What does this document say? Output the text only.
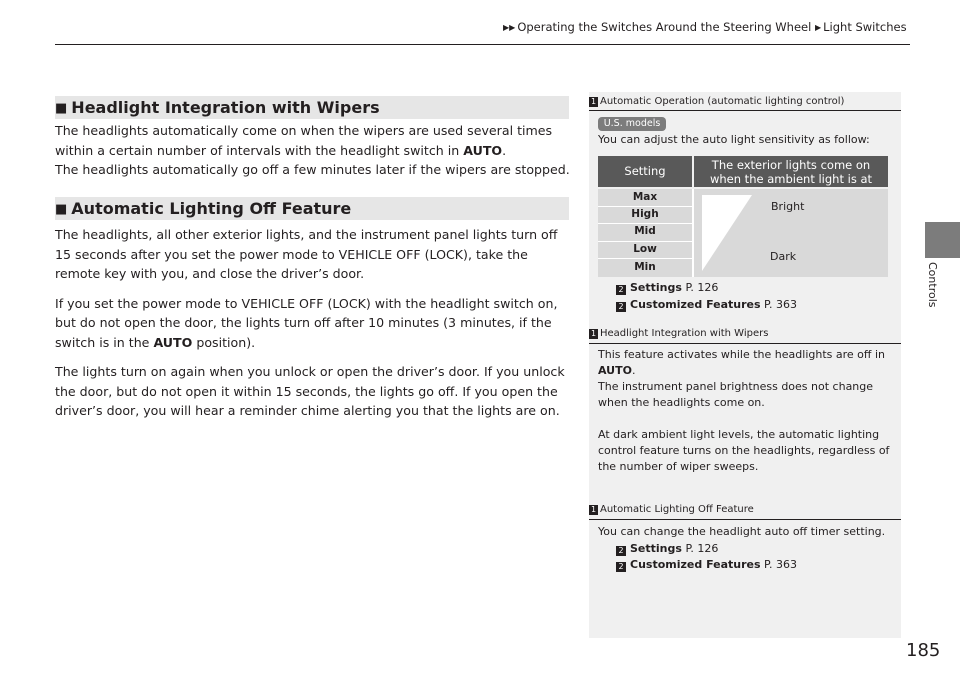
▶▶ Operating the Switches Around the Steering Wheel ▶ Light Switches
Controls
■ Headlight Integration with Wipers

The headlights automatically come on when the wipers are used several times within a certain number of intervals with the headlight switch in AUTO.

The headlights automatically go off a few minutes later if the wipers are stopped.

■ Automatic Lighting Off Feature

The headlights, all other exterior lights, and the instrument panel lights turn off 15 seconds after you set the power mode to VEHICLE OFF (LOCK), take the remote key with you, and close the driver’s door.

If you set the power mode to VEHICLE OFF (LOCK) with the headlight switch on, but do not open the door, the lights turn off after 10 minutes (3 minutes, if the switch is in the AUTO position).

The lights turn on again when you unlock or open the driver’s door. If you unlock the door, but do not open it within 15 seconds, the lights go off. If you open the driver’s door, you will hear a reminder chime alerting you that the lights are on.

1 Automatic Operation (automatic lighting control)
U.S. models
You can adjust the auto light sensitivity as follow:
Setting	The exterior lights come on
when the ambient light is at
Max
High
Mid
Low
Min
Bright
Dark
2 Settings P. 126
2 Customized Features P. 363
1 Headlight Integration with Wipers

This feature activates while the headlights are off in
AUTO.

The instrument panel brightness does not change when the headlights come on.

At dark ambient light levels, the automatic lighting control feature turns on the headlights, regardless of the number of wiper sweeps.

1 Automatic Lighting Off Feature
You can change the headlight auto off timer setting.
2 Settings P. 126
2 Customized Features P. 363
185
